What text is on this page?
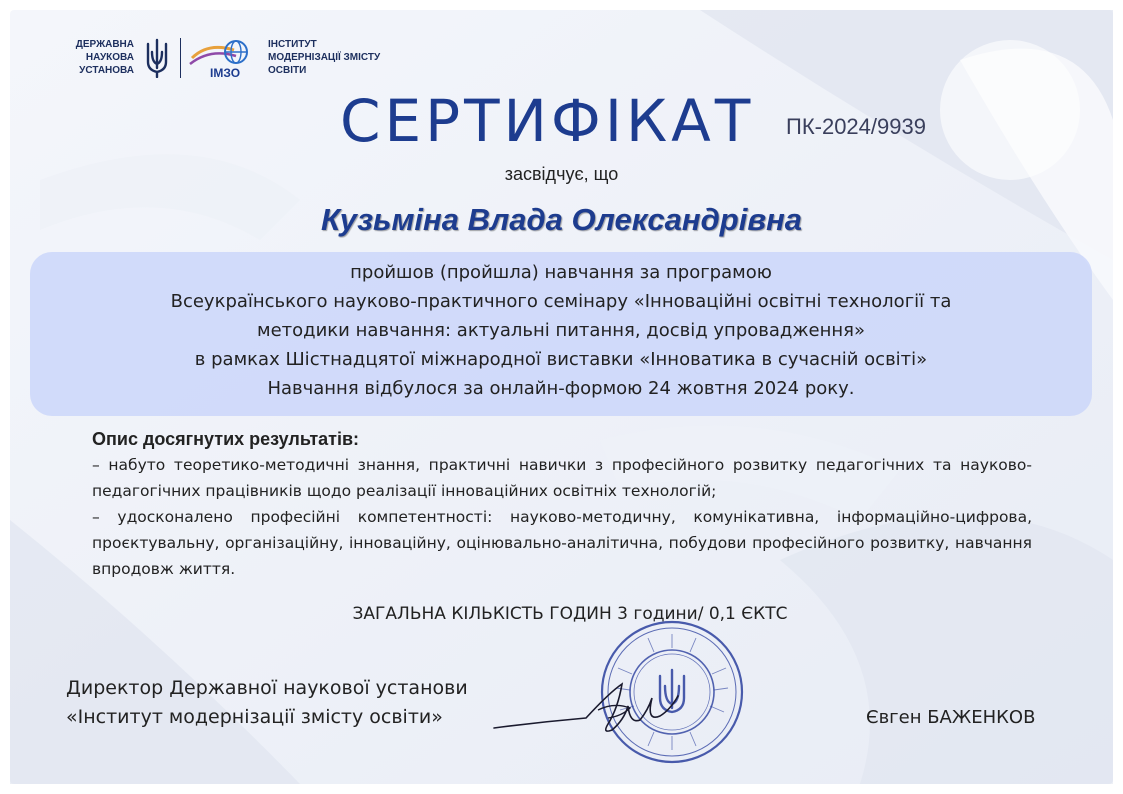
ДЕРЖАВНА
НАУКОВА
УСТАНОВА	ІМЗО
ІНСТИТУТ
МОДЕРНІЗАЦІЇ ЗМІСТУ
ОСВІТИ
СЕРТИФІКАТ ПК-2024/9939
засвідчує, що
Кузьміна Влада Олександрівна
пройшов (пройшла) навчання за програмою
Всеукраїнського науково-практичного семінару «Інноваційні освітні технології та
методики навчання: актуальні питання, досвід упровадження»
в рамках Шістнадцятої міжнародної виставки «Інноватика в сучасній освіті»
Навчання відбулося за онлайн-формою 24 жовтня 2024 року.
Опис досягнутих результатів:

– набуто теоретико-методичні знання, практичні навички з професійного розвитку педагогічних та науково-педагогічних працівників щодо реалізації інноваційних освітніх технологій;

– удосконалено професійні компетентності: науково-методичну, комунікативна, інформаційно-цифрова, проєктувальну, організаційну, інноваційну, оцінювально-аналітична, побудови професійного розвитку, навчання впродовж життя.

ЗАГАЛЬНА КІЛЬКІСТЬ ГОДИН 3 години/ 0,1 ЄКТС
Директор Державної наукової установи
«Інститут модернізації змісту освіти»	Євген БАЖЕНКОВ
